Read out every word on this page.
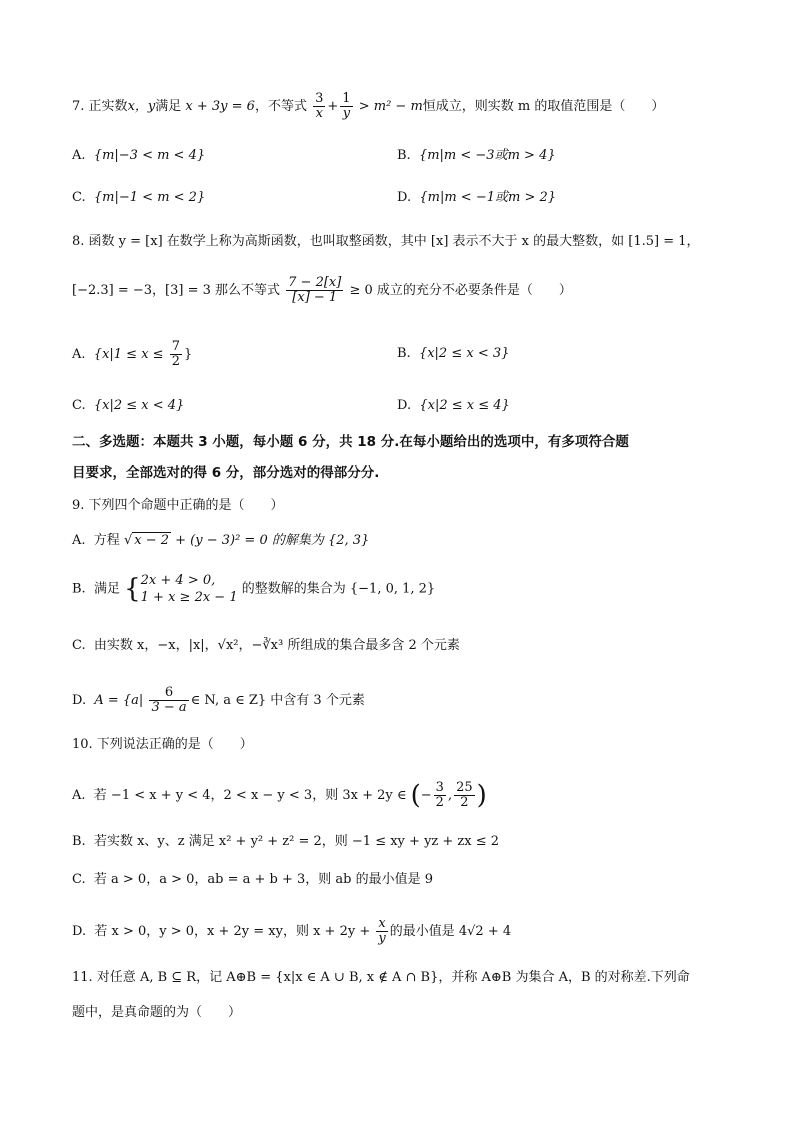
7. 正实数x，y满足 x + 3y = 6，不等式 $\frac{3}{x} + \frac{1}{y} > m^2 - m$恒成立，则实数 m 的取值范围是（　　）
A. {m|−3 < m < 4}	B. {m|m < −3或m > 4}
C. {m|−1 < m < 2}	D. {m|m < −1或m > 2}
8. 函数 y = [x] 在数学上称为高斯函数，也叫取整函数，其中 [x] 表示不大于 x 的最大整数，如 [1.5] = 1，
[−2.3] = −3，[3] = 3 那么不等式 $\frac{7 - 2[x]}{[x] - 1} \ge 0$ 成立的充分不必要条件是（　　）
A. {$x|1 \le x \le \frac{7}{2}$ }	B. {x|2 ≤ x < 3}
C. {x|2 ≤ x < 4}	D. {x|2 ≤ x ≤ 4}
二、多选题：本题共 3 小题，每小题 6 分，共 18 分.在每小题给出的选项中，有多项符合题
目要求，全部选对的得 6 分，部分选对的得部分分.
9. 下列四个命题中正确的是（　　）
A. 方程 √ x − 2 + (y − 3)² = 0 的解集为 {2, 3}
B. 满足 {2x + 4 > 0,
1 + x ≥ 2x − 1 的整数解的集合为 {−1, 0, 1, 2}
C. 由实数 x，−x，|x|，√x²，−∛x³ 所组成的集合最多含 2 个元素
D. $A = \{a| \frac{6}{3 - a}$ ∈ N, a ∈ Z} 中含有 3 个元素
10. 下列说法正确的是（　　）
A. 若 −1 < x + y < 4，2 < x − y < 3，则 3x + 2y ∈ (− $\frac{3}{2}$ , $\frac{25}{2}$ )
B. 若实数 x、y、z 满足 x² + y² + z² = 2，则 −1 ≤ xy + yz + zx ≤ 2
C. 若 a > 0，a > 0，ab = a + b + 3，则 ab 的最小值是 9
D. 若 x > 0，y > 0，x + 2y = xy，则 $x + 2y + \frac{x}{y}$ 的最小值是 4√2 + 4
11. 对任意 A, B ⊆ R，记 A⊕B = {x|x ∈ A ∪ B, x ∉ A ∩ B}，并称 A⊕B 为集合 A，B 的对称差.下列命
题中，是真命题的为（　　）
